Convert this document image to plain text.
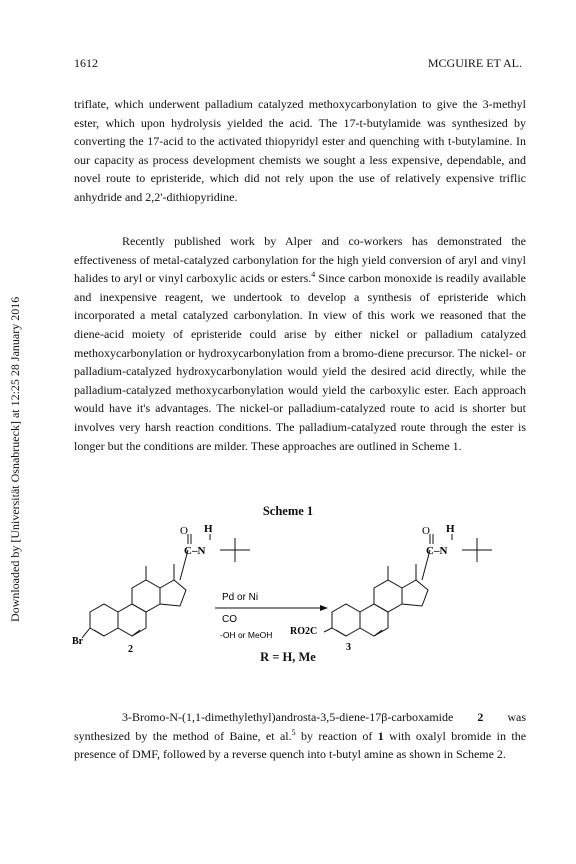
1612	MCGUIRE ET AL.
Downloaded by [Universität Osnabrueck] at 12:25 28 January 2016

triflate, which underwent palladium catalyzed methoxycarbonylation to give the 3-methyl ester, which upon hydrolysis yielded the acid. The 17-t-butylamide was synthesized by converting the 17-acid to the activated thiopyridyl ester and quenching with t-butylamine. In our capacity as process development chemists we sought a less expensive, dependable, and novel route to epristeride, which did not rely upon the use of relatively expensive triflic anhydride and 2,2'-dithiopyridine.

Recently published work by Alper and co-workers has demonstrated the effectiveness of metal-catalyzed carbonylation for the high yield conversion of aryl and vinyl halides to aryl or vinyl carboxylic acids or esters.$^4$ Since carbon monoxide is readily available and inexpensive reagent, we undertook to develop a synthesis of epristeride which incorporated a metal catalyzed carbonylation. In view of this work we reasoned that the diene-acid moiety of epristeride could arise by either nickel or palladium catalyzed methoxycarbonylation or hydroxycarbonylation from a bromo-diene precursor. The nickel- or palladium-catalyzed hydroxycarbonylation would yield the desired acid directly, while the palladium-catalyzed methoxycarbonylation would yield the carboxylic ester. Each approach would have it's advantages. The nickel-or palladium-catalyzed route to acid is shorter but involves very harsh reaction conditions. The palladium-catalyzed route through the ester is longer but the conditions are milder. These approaches are outlined in Scheme 1.

Scheme 1
Br
O H
C–N
2
Pd or Ni
CO
-OH or MeOH RO2C
O H
C–N
3
R = H, Me

3-Bromo-N-(1,1-dimethylethyl)androsta-3,5-diene-17β-carboxamide 2 was synthesized by the method of Baine, et al.$^5$ by reaction of 1 with oxalyl bromide in the presence of DMF, followed by a reverse quench into t-butyl amine as shown in Scheme 2.
